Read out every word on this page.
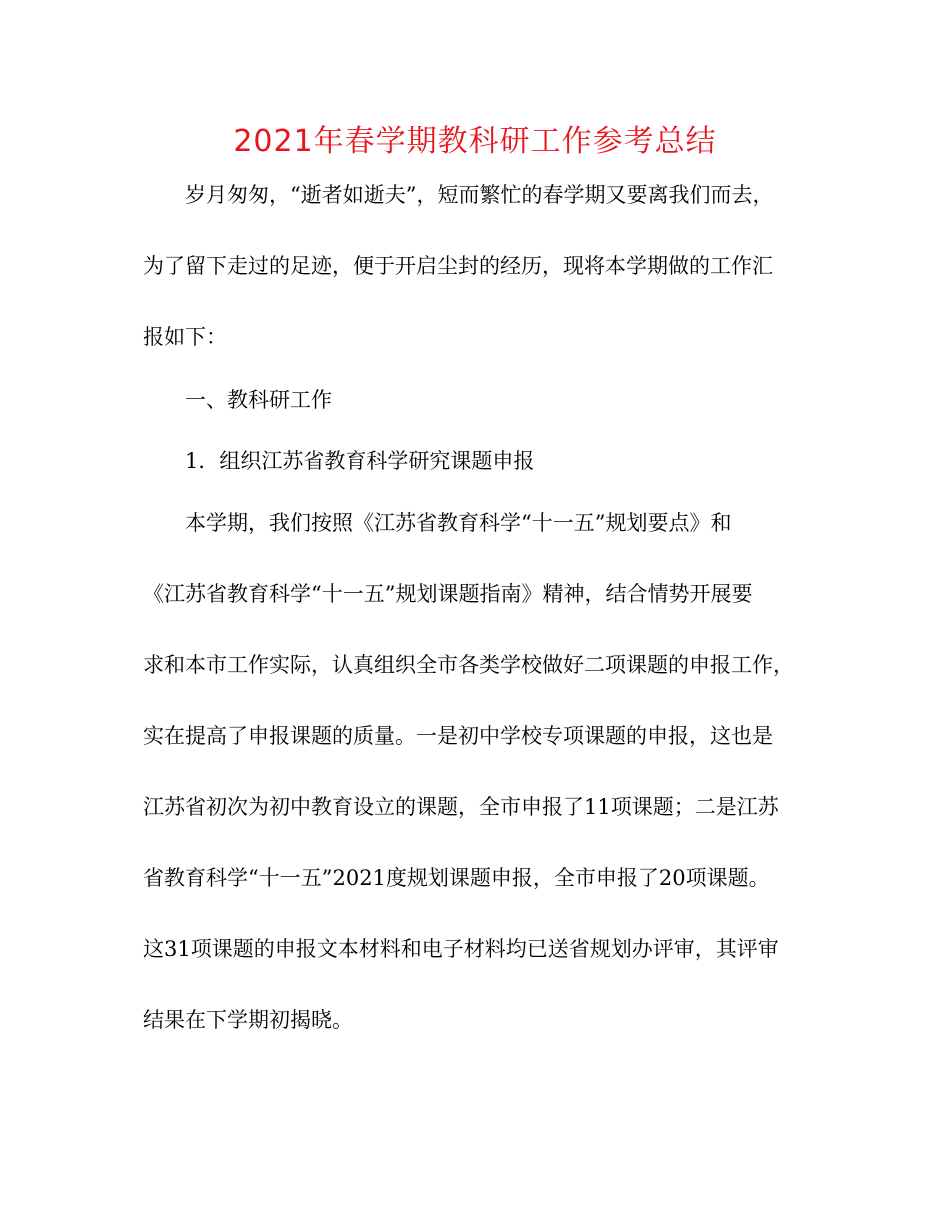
2021年春学期教科研工作参考总结
岁月匆匆，“逝者如逝夫”，短而繁忙的春学期又要离我们而去，
为了留下走过的足迹，便于开启尘封的经历，现将本学期做的工作汇
报如下：
一、教科研工作
1．组织江苏省教育科学研究课题申报
本学期，我们按照《江苏省教育科学“十一五”规划要点》和
《江苏省教育科学“十一五”规划课题指南》精神，结合情势开展要
求和本市工作实际，认真组织全市各类学校做好二项课题的申报工作，
实在提高了申报课题的质量。一是初中学校专项课题的申报，这也是
江苏省初次为初中教育设立的课题，全市申报了11项课题；二是江苏
省教育科学“十一五”2021度规划课题申报，全市申报了20项课题。
这31项课题的申报文本材料和电子材料均已送省规划办评审，其评审
结果在下学期初揭晓。
